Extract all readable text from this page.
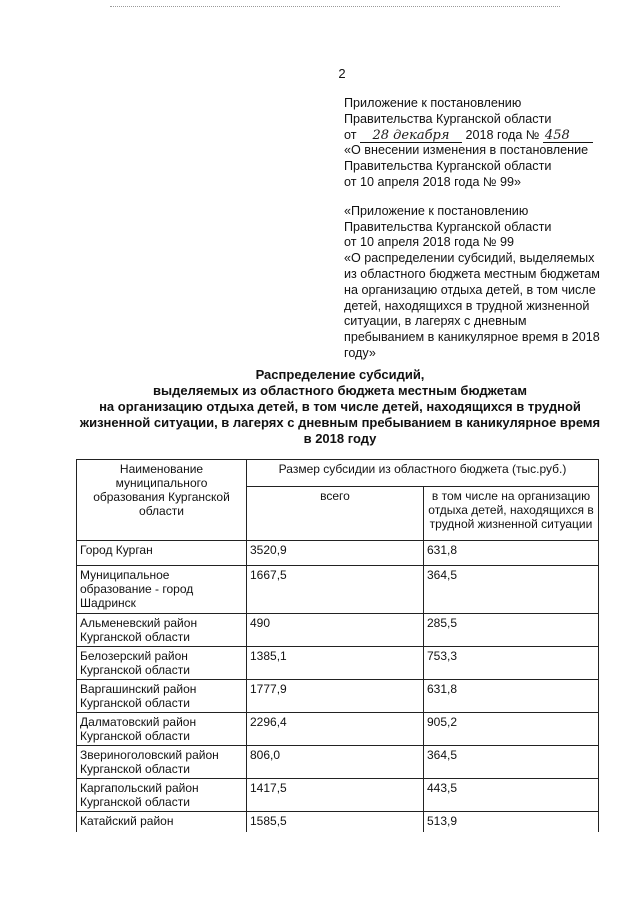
2
Приложение к постановлению
Правительства Курганской области
от 28 декабря 2018 года № 458
«О внесении изменения в постановление
Правительства Курганской области
от 10 апреля 2018 года № 99»
«Приложение к постановлению
Правительства Курганской области
от 10 апреля 2018 года № 99
«О распределении субсидий, выделяемых
из областного бюджета местным бюджетам
на организацию отдыха детей, в том числе
детей, находящихся в трудной жизненной
ситуации, в лагерях с дневным
пребыванием в каникулярное время в 2018
году»
Распределение субсидий,
выделяемых из областного бюджета местным бюджетам
на организацию отдыха детей, в том числе детей, находящихся в трудной
жизненной ситуации, в лагерях с дневным пребыванием в каникулярное время
в 2018 году
Наименование муниципального образования Курганской области	Размер субсидии из областного бюджета (тыс.руб.)	
	всего	в том числе на организацию отдыха детей, находящихся в трудной жизненной ситуации
Город Курган	3520,9	631,8
Муниципальное образование - город Шадринск	1667,5	364,5
Альменевский район Курганской области	490	285,5
Белозерский район Курганской области	1385,1	753,3
Варгашинский район Курганской области	1777,9	631,8
Далматовский район Курганской области	2296,4	905,2
Звериноголовский район Курганской области	806,0	364,5
Каргапольский район Курганской области	1417,5	443,5
Катайский район	1585,5	513,9
